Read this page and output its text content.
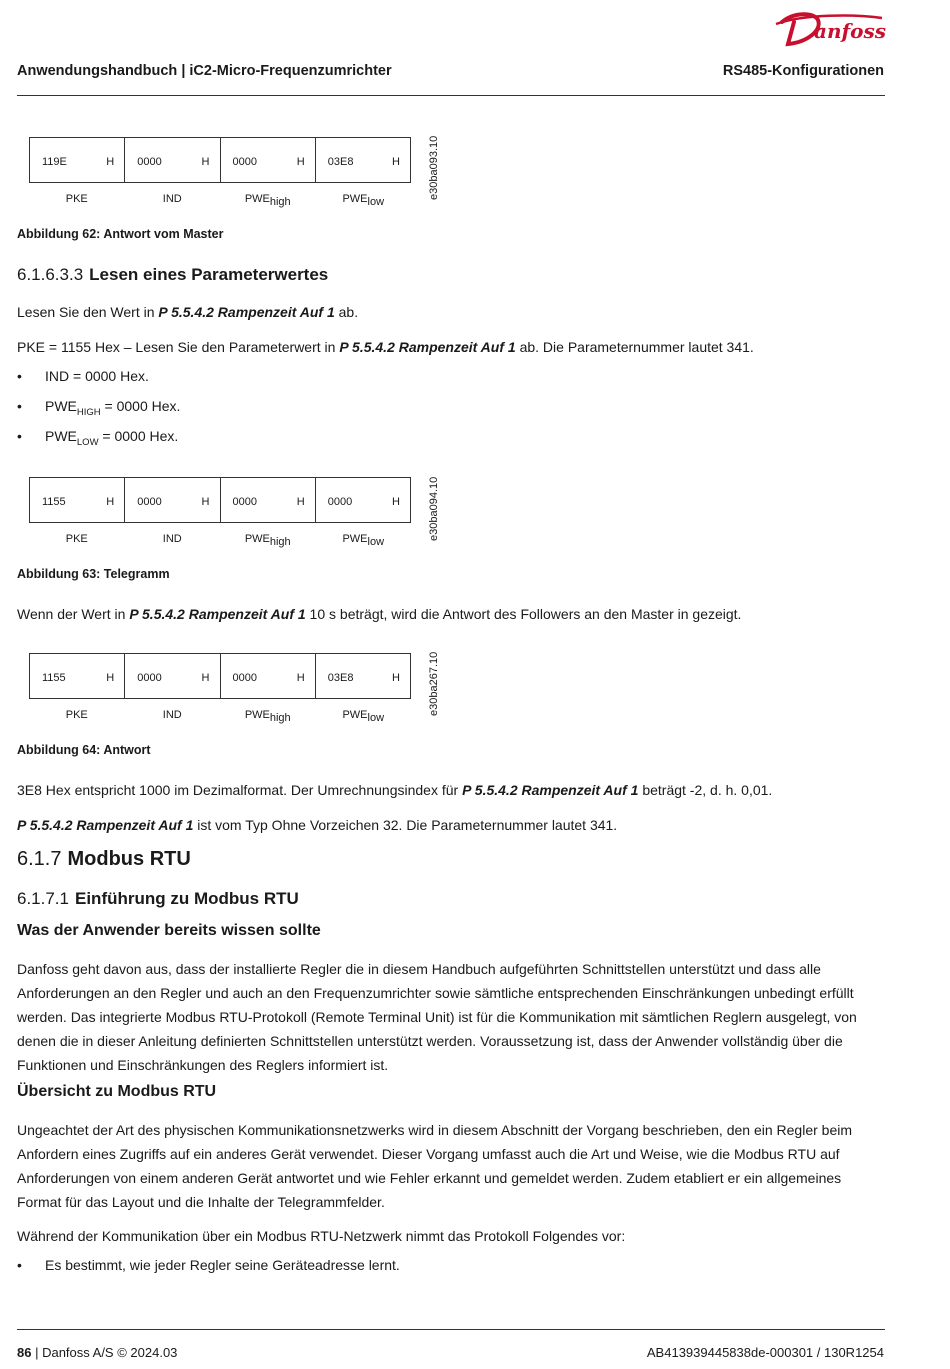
anfoss
Anwendungshandbuch | iC2-Micro-Frequenzumrichter	RS485-Konfigurationen
119E	H 0000	H 0000	H 03E8	H
PKE	IND	$PWE_{high}$	$PWE_{low}$
e30ba093.10
Abbildung 62: Antwort vom Master
6.1.6.3.3 Lesen eines Parameterwertes
Lesen Sie den Wert in P 5.5.4.2 Rampenzeit Auf 1 ab.
PKE = 1155 Hex – Lesen Sie den Parameterwert in P 5.5.4.2 Rampenzeit Auf 1 ab. Die Parameternummer lautet 341.
• IND = 0000 Hex.
• $PWE_{HIGH} = 0000$ Hex.
• $PWE_{LOW} = 0000$ Hex.
1155	H 0000	H 0000	H 0000	H
PKE	IND	$PWE_{high}$	$PWE_{low}$
e30ba094.10
Abbildung 63: Telegramm
Wenn der Wert in P 5.5.4.2 Rampenzeit Auf 1 10 s beträgt, wird die Antwort des Followers an den Master in gezeigt.
1155	H 0000	H 0000	H 03E8	H
PKE	IND	$PWE_{high}$	$PWE_{low}$
e30ba267.10
Abbildung 64: Antwort
3E8 Hex entspricht 1000 im Dezimalformat. Der Umrechnungsindex für P 5.5.4.2 Rampenzeit Auf 1 beträgt -2, d. h. 0,01.
P 5.5.4.2 Rampenzeit Auf 1 ist vom Typ Ohne Vorzeichen 32. Die Parameternummer lautet 341.
6.1.7 Modbus RTU
6.1.7.1 Einführung zu Modbus RTU
Was der Anwender bereits wissen sollte
Danfoss geht davon aus, dass der installierte Regler die in diesem Handbuch aufgeführten Schnittstellen unterstützt und dass alle Anforderungen an den Regler und auch an den Frequenzumrichter sowie sämtliche entsprechenden Einschränkungen unbedingt erfüllt werden. Das integrierte Modbus RTU-Protokoll (Remote Terminal Unit) ist für die Kommunikation mit sämtlichen Reglern ausgelegt, von denen die in dieser Anleitung definierten Schnittstellen unterstützt werden. Voraussetzung ist, dass der Anwender vollständig über die Funktionen und Einschränkungen des Reglers informiert ist.
Übersicht zu Modbus RTU
Ungeachtet der Art des physischen Kommunikationsnetzwerks wird in diesem Abschnitt der Vorgang beschrieben, den ein Regler beim Anfordern eines Zugriffs auf ein anderes Gerät verwendet. Dieser Vorgang umfasst auch die Art und Weise, wie die Modbus RTU auf Anforderungen von einem anderen Gerät antwortet und wie Fehler erkannt und gemeldet werden. Zudem etabliert er ein allgemeines Format für das Layout und die Inhalte der Telegrammfelder.
Während der Kommunikation über ein Modbus RTU-Netzwerk nimmt das Protokoll Folgendes vor:
• Es bestimmt, wie jeder Regler seine Geräteadresse lernt.
86 | Danfoss A/S © 2024.03	AB413939445838de-000301 / 130R1254
